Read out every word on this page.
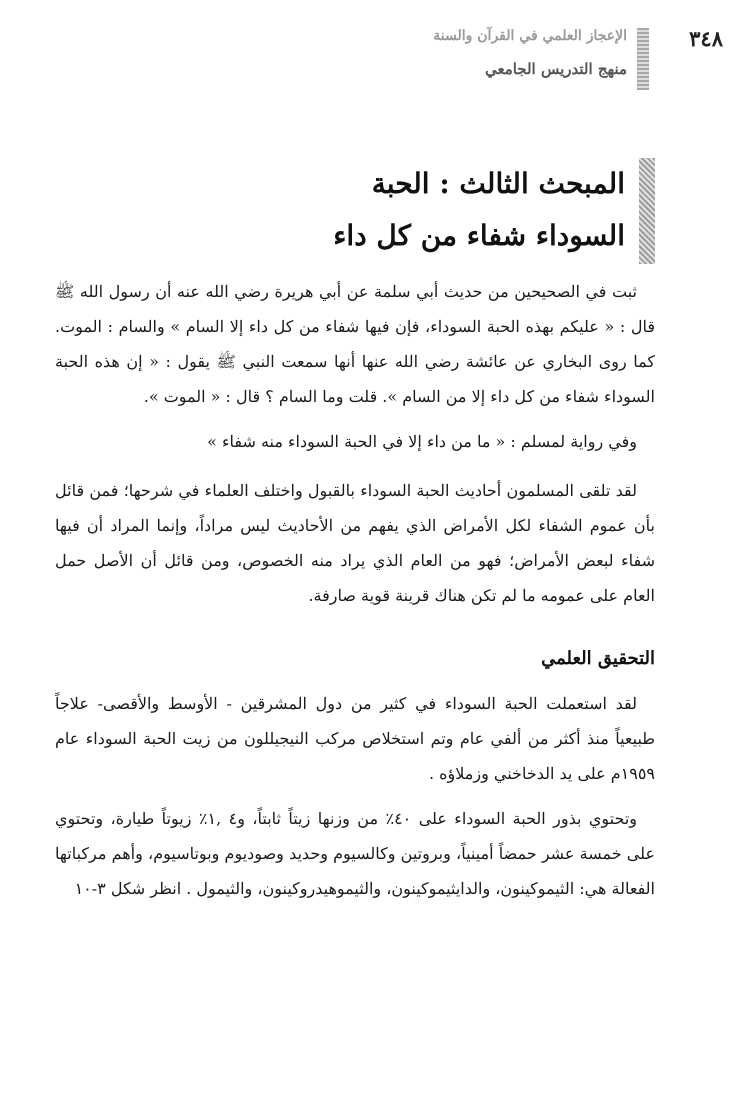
٣٤٨
الإعجاز العلمي في القرآن والسنة
منهج التدريس الجامعي
المبحث الثالث : الحبة
السوداء شفاء من كل داء

ثبت في الصحيحين من حديث أبي سلمة عن أبي هريرة رضي الله عنه أن رسول الله ﷺ قال : « عليكم بهذه الحبة السوداء، فإن فيها شفاء من كل داء إلا السام » والسام : الموت. كما روى البخاري عن عائشة رضي الله عنها أنها سمعت النبي ﷺ يقول : « إن هذه الحبة السوداء شفاء من كل داء إلا من السام ». قلت وما السام ؟ قال : « الموت ».

وفي رواية لمسلم : « ما من داء إلا في الحبة السوداء منه شفاء »

لقد تلقى المسلمون أحاديث الحبة السوداء بالقبول واختلف العلماء في شرحها؛ فمن قائل بأن عموم الشفاء لكل الأمراض الذي يفهم من الأحاديث ليس مراداً، وإنما المراد أن فيها شفاء لبعض الأمراض؛ فهو من العام الذي يراد منه الخصوص، ومن قائل أن الأصل حمل العام على عمومه ما لم تكن هناك قرينة قوية صارفة.

التحقيق العلمي

لقد استعملت الحبة السوداء في كثير من دول المشرقين - الأوسط والأقصى- علاجاً طبيعياً منذ أكثر من ألفي عام وتم استخلاص مركب النيجيللون من زيت الحبة السوداء عام ١٩٥٩م على يد الدخاخني وزملاؤه .

وتحتوي بذور الحبة السوداء على ٤٠٪ من وزنها زيتاً ثابتاً، و٤ ,١٪ زيوتاً طيارة، وتحتوي على خمسة عشر حمضاً أمينياً، وبروتين وكالسيوم وحديد وصوديوم وبوتاسيوم، وأهم مركباتها الفعالة هي: الثيموكينون، والدايثيموكينون، والثيموهيدروكينون، والثيمول . انظر شكل ٣-١٠
